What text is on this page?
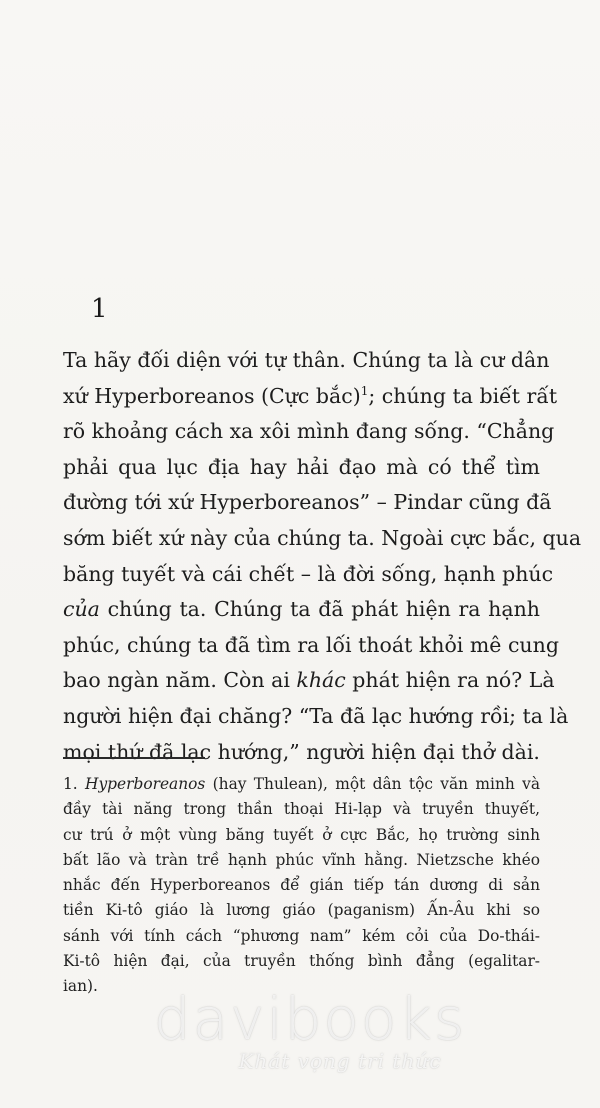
1
Ta hãy đối diện với tự thân. Chúng ta là cư dân
xứ Hyperboreanos (Cực bắc)$^1$; chúng ta biết rất
rõ khoảng cách xa xôi mình đang sống. “Chẳng
phải qua lục địa hay hải đạo mà có thể tìm
đường tới xứ Hyperboreanos” – Pindar cũng đã
sớm biết xứ này của chúng ta. Ngoài cực bắc, qua
băng tuyết và cái chết – là đời sống, hạnh phúc
của chúng ta. Chúng ta đã phát hiện ra hạnh
phúc, chúng ta đã tìm ra lối thoát khỏi mê cung
bao ngàn năm. Còn ai khác phát hiện ra nó? Là
người hiện đại chăng? “Ta đã lạc hướng rồi; ta là
mọi thứ đã lạc hướng,” người hiện đại thở dài.
1. Hyperboreanos (hay Thulean), một dân tộc văn minh và
đầy tài năng trong thần thoại Hi-lạp và truyền thuyết,
cư trú ở một vùng băng tuyết ở cực Bắc, họ trường sinh
bất lão và tràn trề hạnh phúc vĩnh hằng. Nietzsche khéo
nhắc đến Hyperboreanos để gián tiếp tán dương di sản
tiền Ki-tô giáo là lương giáo (paganism) Ấn-Âu khi so
sánh với tính cách “phương nam” kém cỏi của Do-thái-
Ki-tô hiện đại, của truyền thống bình đẳng (egalitar-
ian). davibooks
Khát vọng tri thức
